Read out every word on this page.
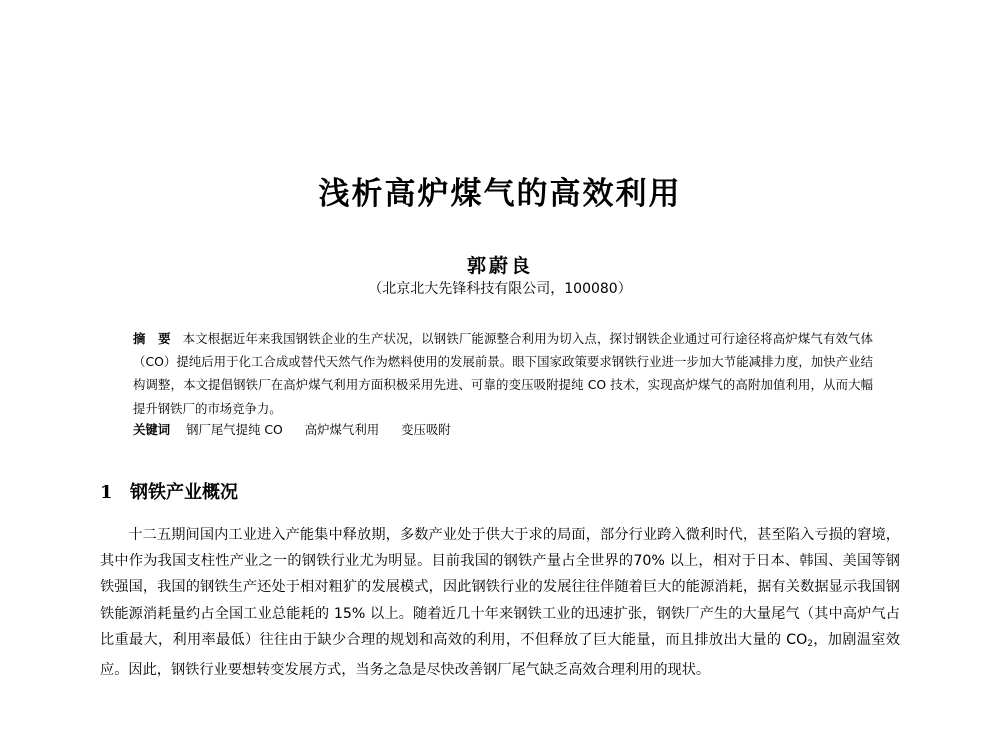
浅析高炉煤气的高效利用
郭蔚良
（北京北大先锋科技有限公司，100080）
摘　要 本文根据近年来我国钢铁企业的生产状况，以钢铁厂能源整合利用为切入点，探讨钢铁企业通过可行途径将高炉煤气有效气体（CO）提纯后用于化工合成或替代天然气作为燃料使用的发展前景。眼下国家政策要求钢铁行业进一步加大节能减排力度，加快产业结构调整，本文提倡钢铁厂在高炉煤气利用方面积极采用先进、可靠的变压吸附提纯 CO 技术，实现高炉煤气的高附加值利用，从而大幅提升钢铁厂的市场竞争力。
关键词 钢厂尾气提纯 CO 高炉煤气利用 变压吸附
1 钢铁产业概况
十二五期间国内工业进入产能集中释放期，多数产业处于供大于求的局面，部分行业跨入微利时代，甚至陷入亏损的窘境，其中作为我国支柱性产业之一的钢铁行业尤为明显。目前我国的钢铁产量占全世界的70% 以上，相对于日本、韩国、美国等钢铁强国，我国的钢铁生产还处于相对粗犷的发展模式，因此钢铁行业的发展往往伴随着巨大的能源消耗，据有关数据显示我国钢铁能源消耗量约占全国工业总能耗的 15% 以上。随着近几十年来钢铁工业的迅速扩张，钢铁厂产生的大量尾气（其中高炉气占比重最大，利用率最低）往往由于缺少合理的规划和高效的利用，不但释放了巨大能量，而且排放出大量的 $CO_2$，加剧温室效应。因此，钢铁行业要想转变发展方式，当务之急是尽快改善钢厂尾气缺乏高效合理利用的现状。
